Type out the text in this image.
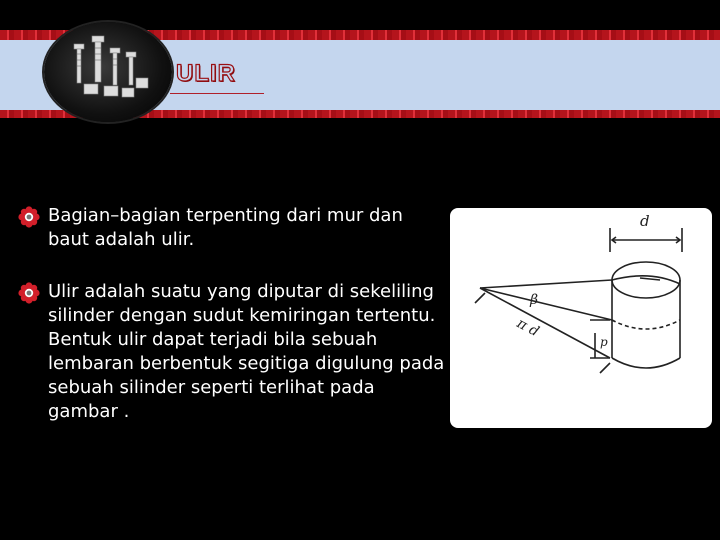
ULIR
Bagian–bagian terpenting dari mur dan baut adalah ulir.
Ulir adalah suatu yang diputar di sekeliling silinder dengan sudut kemiringan tertentu. Bentuk ulir dapat terjadi bila sebuah lembaran berbentuk segitiga digulung pada sebuah silinder seperti terlihat pada gambar .
d
β
π d
p
